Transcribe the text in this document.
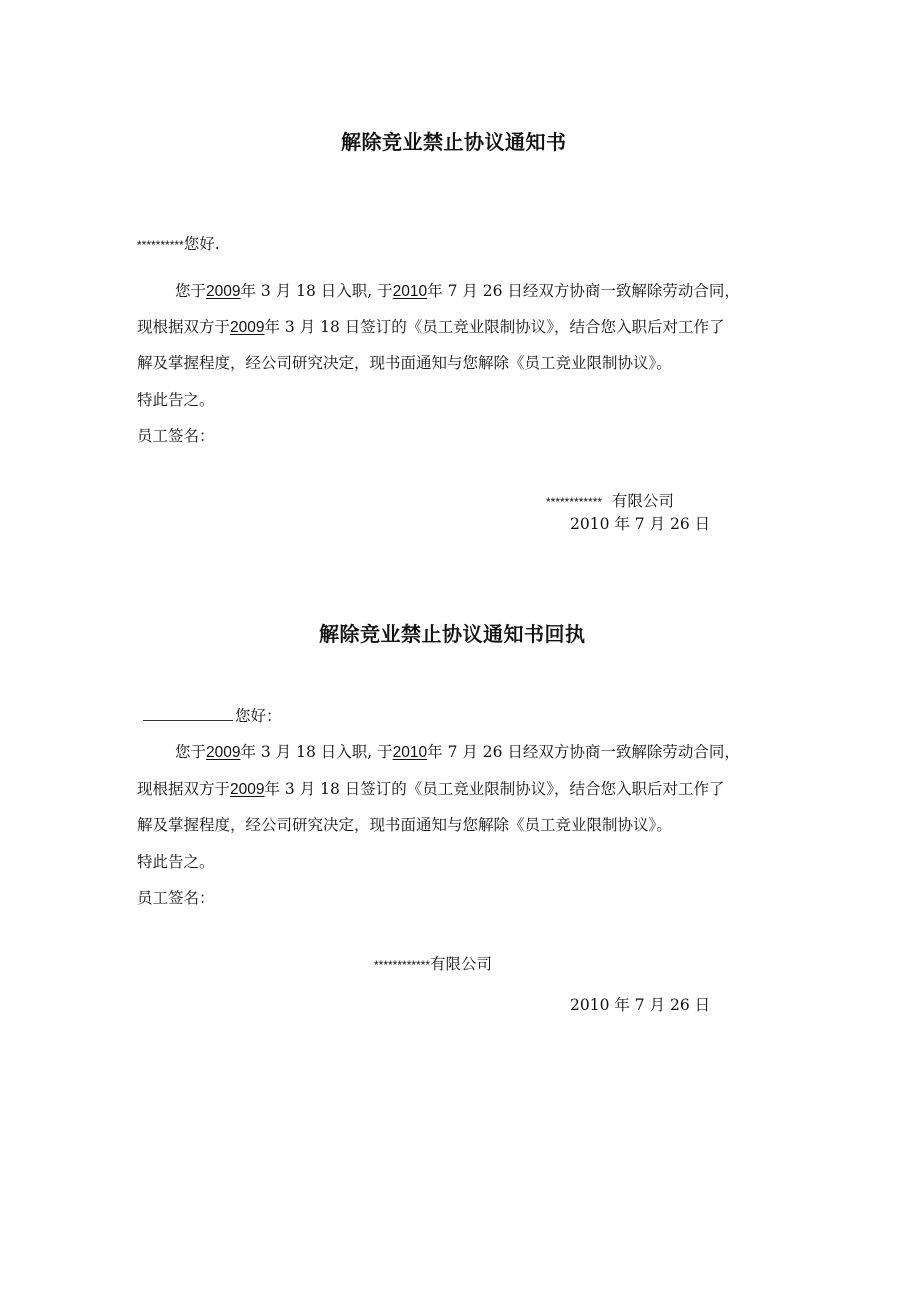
解除竞业禁止协议通知书
**********您好.
您于2009年 3 月 18 日入职, 于2010年 7 月 26 日经双方协商一致解除劳动合同，
现根据双方于2009年 3 月 18 日签订的《员工竞业限制协议》，结合您入职后对工作了
解及掌握程度，经公司研究决定，现书面通知与您解除《员工竞业限制协议》。
特此告之。
员工签名：
************ 有限公司
2010 年 7 月 26 日
解除竞业禁止协议通知书回执
您好：
您于2009年 3 月 18 日入职, 于2010年 7 月 26 日经双方协商一致解除劳动合同，
现根据双方于2009年 3 月 18 日签订的《员工竞业限制协议》，结合您入职后对工作了
解及掌握程度，经公司研究决定，现书面通知与您解除《员工竞业限制协议》。
特此告之。
员工签名：
************有限公司
2010 年 7 月 26 日
